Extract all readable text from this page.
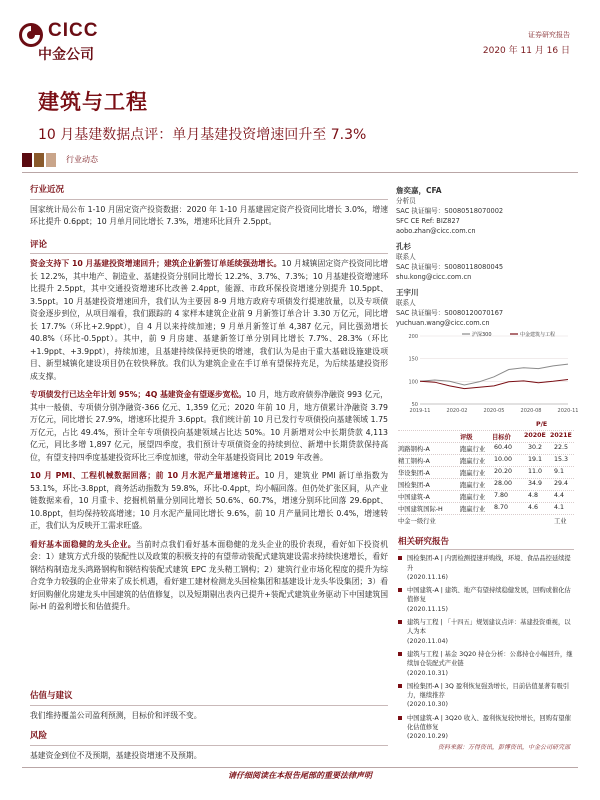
CICC
中金公司
证券研究报告
2020 年 11 月 16 日
建筑与工程
10 月基建数据点评：单月基建投资增速回升至 7.3%
行业动态
行业近况
国家统计局公布 1-10 月固定资产投资数据：2020 年 1-10 月基建固定资产投资同比增长 3.0%，增速环比提升 0.6ppt；10 月单月同比增长 7.3%，增速环比回升 2.5ppt。
评论
资金支持下 10 月基建投资增速回升；建筑企业新签订单延续强劲增长。10 月城镇固定资产投资同比增长 12.2%，其中地产、制造业、基建投资分别同比增长 12.2%、3.7%、7.3%；10 月基建投资增速环比提升 2.5ppt，其中交通投资增速环比改善 2.4ppt，能源、市政环保投资增速分别提升 10.5ppt、3.5ppt。10 月基建投资增速回升，我们认为主要因 8-9 月地方政府专项债发行提速放量，以及专项债资金逐步到位，从项目端看，我们跟踪的 4 家样本建筑企业前 9 月新签订单合计 3.30 万亿元，同比增长 17.7%（环比+2.9ppt），自 4 月以来持续加速；9 月单月新签订单 4,387 亿元，同比强劲增长 40.8%（环比-0.5ppt）。其中，前 9 月房建、基建新签订单分别同比增长 7.7%、28.3%（环比+1.9ppt、+3.9ppt），持续加速，且基建持续保持更快的增速，我们认为是由于重大基础设施建设项目、新型城镇化建设项目仍在较快释放。我们认为建筑企业在手订单有望保持充足，为后续基建投资形成支撑。
专项债发行已达全年计划 95%；4Q 基建资金有望逐步宽松。10 月，地方政府债券净融资 993 亿元，其中一般债、专项债分别净融资-366 亿元、1,359 亿元；2020 年前 10 月，地方债累计净融资 3.79 万亿元，同比增长 27.9%，增速环比提升 3.6ppt。我们统计前 10 月已发行专项债投向基建领域 1.75 万亿元，占比 49.4%，预计全年专项债投向基建领域占比达 50%。10 月新增对公中长期贷款 4,113 亿元，同比多增 1,897 亿元，展望四季度，我们预计专项债资金的持续到位、新增中长期贷款保持高位，有望支持四季度基建投资环比三季度加速，带动全年基建投资同比 2019 年改善。
10 月 PMI、工程机械数据回落；前 10 月水泥产量增速转正。10 月，建筑业 PMI 新订单指数为 53.1%，环比-3.8ppt，商务活动指数为 59.8%，环比-0.4ppt，均小幅回落。但仍处扩张区间，从产业链数据来看，10 月重卡、挖掘机销量分别同比增长 50.6%、60.7%，增速分别环比回落 29.6ppt、10.8ppt，但均保持较高增速；10 月水泥产量同比增长 9.6%，前 10 月产量同比增长 0.4%，增速转正，我们认为反映开工需求旺盛。
看好基本面稳健的龙头企业。当前时点我们看好基本面稳健的龙头企业的股价表现，看好如下投资机会：1）建筑方式升级的装配性以及政策的积极支持的有望带动装配式建筑建设需求持续快速增长，看好钢结构制造龙头鸿路钢构和钢结构装配式建筑 EPC 龙头精工钢构；2）建筑行业市场化程度的提升为综合竞争力较强的企业带来了成长机遇，看好建工建材检测龙头国检集团和基建设计龙头华设集团；3）看好回购催化房建龙头中国建筑的估值修复，以及短期剔出表内已提升+装配式建筑业务驱动下中国建筑国际-H 的盈利增长和估值提升。
估值与建议
我们维持覆盖公司盈利预测，目标价和评级不变。
风险
基建资金到位不及预期，基建投资增速不及预期。
詹奕嘉，CFA
分析员
SAC 执证编号：S0080518070002
SFC CE Ref: BIZ827
aobo.zhan@cicc.com.cn
孔杉
联系人
SAC 执证编号：S0080118080045
shu.kong@cicc.com.cn
王宇川
联系人
SAC 执证编号：S0080120070167
yuchuan.wang@cicc.com.cn
50
100
150
200
2019-11	2020-02	2020-05	2020-08	2020-11
沪深300	中金建筑与工程
P/E
评级	目标价 2020E 2021E
鸿路钢构-A	跑赢行业 60.40	30.2 22.5
精工钢构-A	跑赢行业 10.00	19.1 15.3
华设集团-A	跑赢行业 20.20	11.0 9.1
国检集团-A	跑赢行业 28.00	34.9 29.4
中国建筑-A	跑赢行业 7.80	4.8	4.4
中国建筑国际-H	跑赢行业 8.70	4.6	4.1
中金一级行业	工业
相关研究报告
国检集团-A | 内需检测提速并购线，环境、食品品控延续提升
(2020.11.16)
中国建筑-A | 建筑、地产有望持续稳健发展，回购或催化估值修复
(2020.11.15)
建筑与工程 | 「十四五」规划建议点评：基建投资重视，以人为本
(2020.11.04)
建筑与工程 | 基金 3Q20 持仓分析：公募持仓小幅回升，继续加仓装配式产业链
(2020.10.31)
国检集团-A | 3Q 盈利恢复强劲增长，目前估值显著有吸引力，继续推荐
(2020.10.30)
中国建筑-A | 3Q20 收入、盈利恢复较快增长，回购有望催化估值修复
(2020.10.29)
资料来源：万得资讯，彭博资讯，中金公司研究部
请仔细阅读在本报告尾部的重要法律声明
